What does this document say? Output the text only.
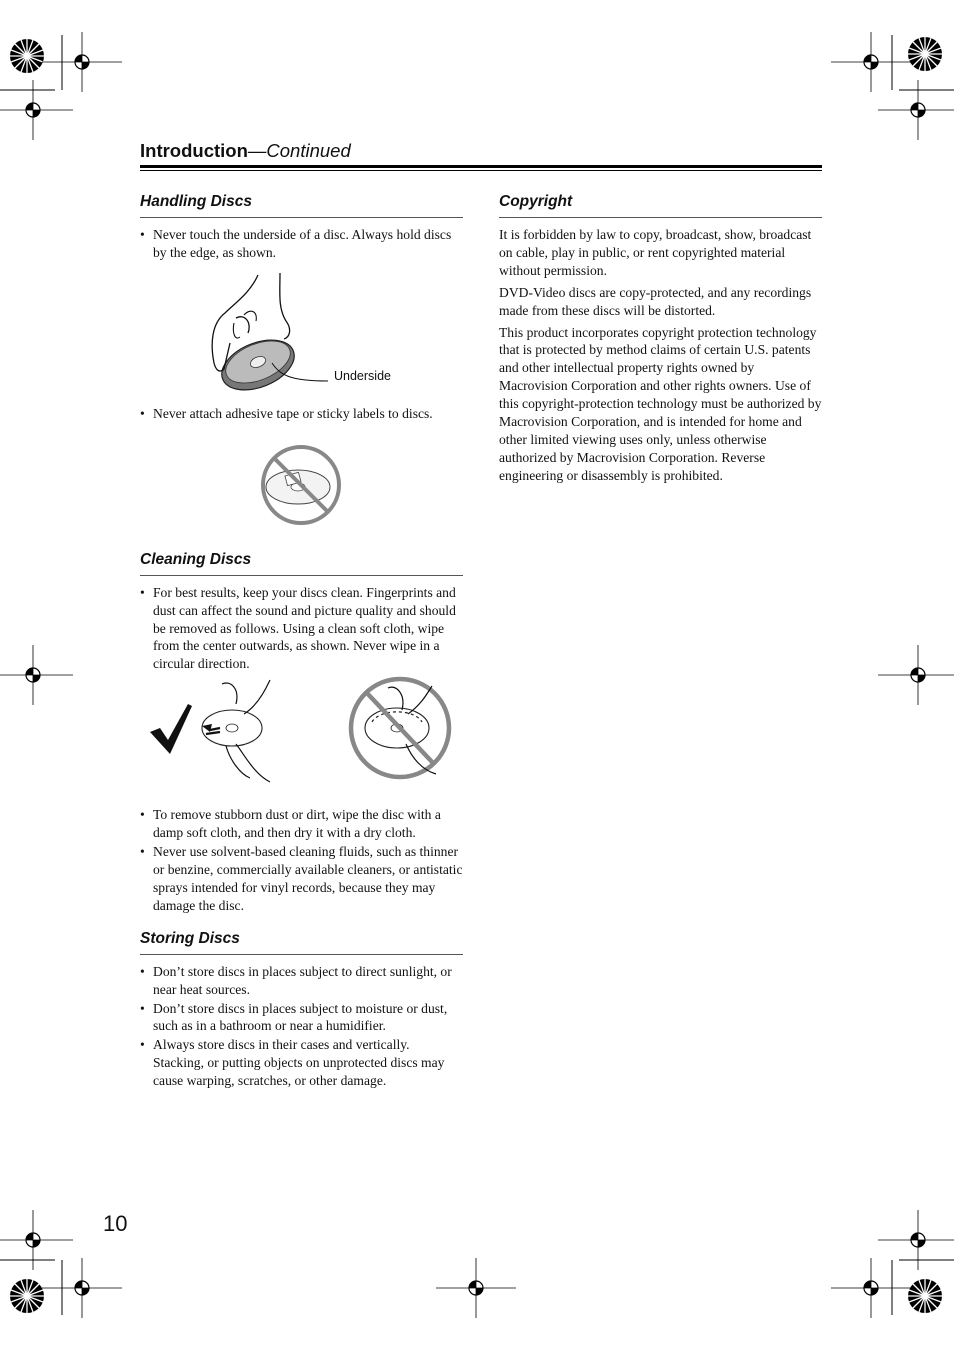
Introduction—Continued
Handling Discs
• Never touch the underside of a disc. Always hold discs by the edge, as shown.
Underside
• Never attach adhesive tape or sticky labels to discs.
Cleaning Discs
• For best results, keep your discs clean. Fingerprints and dust can affect the sound and picture quality and should be removed as follows. Using a clean soft cloth, wipe from the center outwards, as shown. Never wipe in a circular direction.
• To remove stubborn dust or dirt, wipe the disc with a damp soft cloth, and then dry it with a dry cloth.
• Never use solvent-based cleaning fluids, such as thinner or benzine, commercially available cleaners, or antistatic sprays intended for vinyl records, because they may damage the disc.
Storing Discs
• Don’t store discs in places subject to direct sunlight, or near heat sources.
• Don’t store discs in places subject to moisture or dust, such as in a bathroom or near a humidifier.
• Always store discs in their cases and vertically. Stacking, or putting objects on unprotected discs may cause warping, scratches, or other damage.
Copyright

It is forbidden by law to copy, broadcast, show, broadcast on cable, play in public, or rent copyrighted material without permission.

DVD-Video discs are copy-protected, and any recordings made from these discs will be distorted.

This product incorporates copyright protection technology that is protected by method claims of certain U.S. patents and other intellectual property rights owned by Macrovision Corporation and other rights owners. Use of this copyright-protection technology must be authorized by Macrovision Corporation, and is intended for home and other limited viewing uses only, unless otherwise authorized by Macrovision Corporation. Reverse engineering or disassembly is prohibited.

10
